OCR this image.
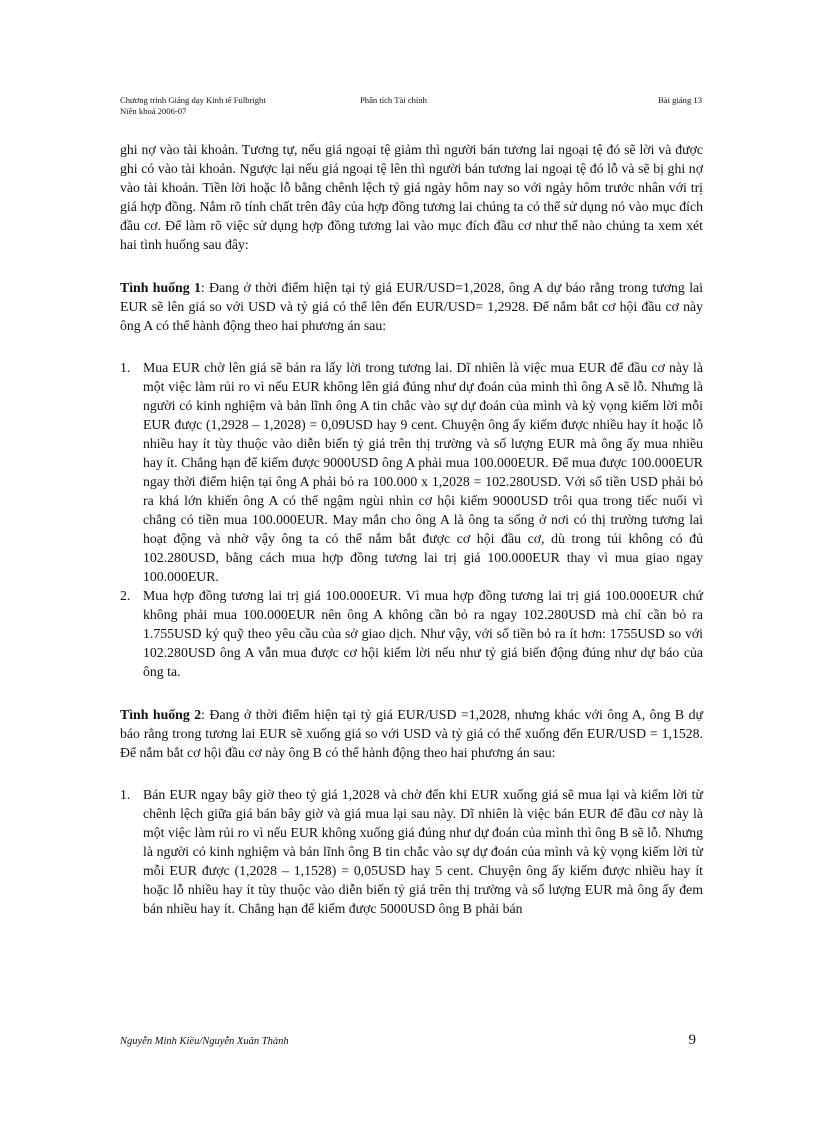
Chương trình Giảng dạy Kinh tế Fulbright	Phân tích Tài chính	Bài giảng 13
Niên khoá 2006-07

ghi nợ vào tài khoản. Tương tự, nếu giá ngoại tệ giảm thì người bán tương lai ngoại tệ đó sẽ lời và được ghi có vào tài khoản. Ngược lại nếu giá ngoại tệ lên thì người bán tương lai ngoại tệ đó lỗ và sẽ bị ghi nợ vào tài khoản. Tiền lời hoặc lỗ bằng chênh lệch tỷ giá ngày hôm nay so với ngày hôm trước nhân với trị giá hợp đồng. Nắm rõ tính chất trên đây của hợp đồng tương lai chúng ta có thể sử dụng nó vào mục đích đầu cơ. Để làm rõ việc sử dụng hợp đồng tương lai vào mục đích đầu cơ như thế nào chúng ta xem xét hai tình huống sau đây:

Tình huống 1: Đang ở thời điểm hiện tại tỷ giá EUR/USD=1,2028, ông A dự báo rằng trong tương lai EUR sẽ lên giá so với USD và tỷ giá có thể lên đến EUR/USD= 1,2928. Để nắm bắt cơ hội đầu cơ này ông A có thể hành động theo hai phương án sau:

1. Mua EUR chờ lên giá sẽ bán ra lấy lời trong tương lai. Dĩ nhiên là việc mua EUR để đầu cơ này là một việc làm rủi ro vì nếu EUR không lên giá đúng như dự đoán của mình thì ông A sẽ lỗ. Nhưng là người có kinh nghiệm và bản lĩnh ông A tin chắc vào sự dự đoán của mình và kỳ vọng kiếm lời mỗi EUR được (1,2928 – 1,2028) = 0,09USD hay 9 cent. Chuyện ông ấy kiếm được nhiều hay ít hoặc lỗ nhiều hay ít tùy thuộc vào diễn biến tỷ giá trên thị trường và số lượng EUR mà ông ấy mua nhiều hay ít. Chẳng hạn để kiếm được 9000USD ông A phải mua 100.000EUR. Để mua được 100.000EUR ngay thời điểm hiện tại ông A phải bỏ ra 100.000 x 1,2028 = 102.280USD. Với số tiền USD phải bỏ ra khá lớn khiến ông A có thể ngậm ngùi nhìn cơ hội kiếm 9000USD trôi qua trong tiếc nuối vì chẳng có tiền mua 100.000EUR. May mắn cho ông A là ông ta sống ở nơi có thị trường tương lai hoạt động và nhờ vậy ông ta có thể nắm bắt được cơ hội đầu cơ, dù trong túi không có đủ 102.280USD, bằng cách mua hợp đồng tương lai trị giá 100.000EUR thay vì mua giao ngay 100.000EUR.
2. Mua hợp đồng tương lai trị giá 100.000EUR. Vì mua hợp đồng tương lai trị giá 100.000EUR chứ không phải mua 100.000EUR nên ông A không cần bỏ ra ngay 102.280USD mà chỉ cần bỏ ra 1.755USD ký quỹ theo yêu cầu của sở giao dịch. Như vậy, với số tiền bỏ ra ít hơn: 1755USD so với 102.280USD ông A vẫn mua được cơ hội kiếm lời nếu như tỷ giá biến động đúng như dự báo của ông ta.

Tình huống 2: Đang ở thời điểm hiện tại tỷ giá EUR/USD =1,2028, nhưng khác với ông A, ông B dự báo rằng trong tương lai EUR sẽ xuống giá so với USD và tỷ giá có thể xuống đến EUR/USD = 1,1528. Để nắm bắt cơ hội đầu cơ này ông B có thể hành động theo hai phương án sau:

1. Bán EUR ngay bây giờ theo tỷ giá 1,2028 và chờ đến khi EUR xuống giá sẽ mua lại và kiếm lời từ chênh lệch giữa giá bán bây giờ và giá mua lại sau này. Dĩ nhiên là việc bán EUR để đầu cơ này là một việc làm rủi ro vì nếu EUR không xuống giá đúng như dự đoán của mình thì ông B sẽ lỗ. Nhưng là người có kinh nghiệm và bản lĩnh ông B tin chắc vào sự dự đoán của mình và kỳ vọng kiếm lời từ mỗi EUR được (1,2028 – 1,1528) = 0,05USD hay 5 cent. Chuyện ông ấy kiếm được nhiều hay ít hoặc lỗ nhiều hay ít tùy thuộc vào diễn biến tỷ giá trên thị trường và số lượng EUR mà ông ấy đem bán nhiều hay ít. Chẳng hạn để kiếm được 5000USD ông B phải bán
Nguyễn Minh Kiều/Nguyễn Xuân Thành	9
